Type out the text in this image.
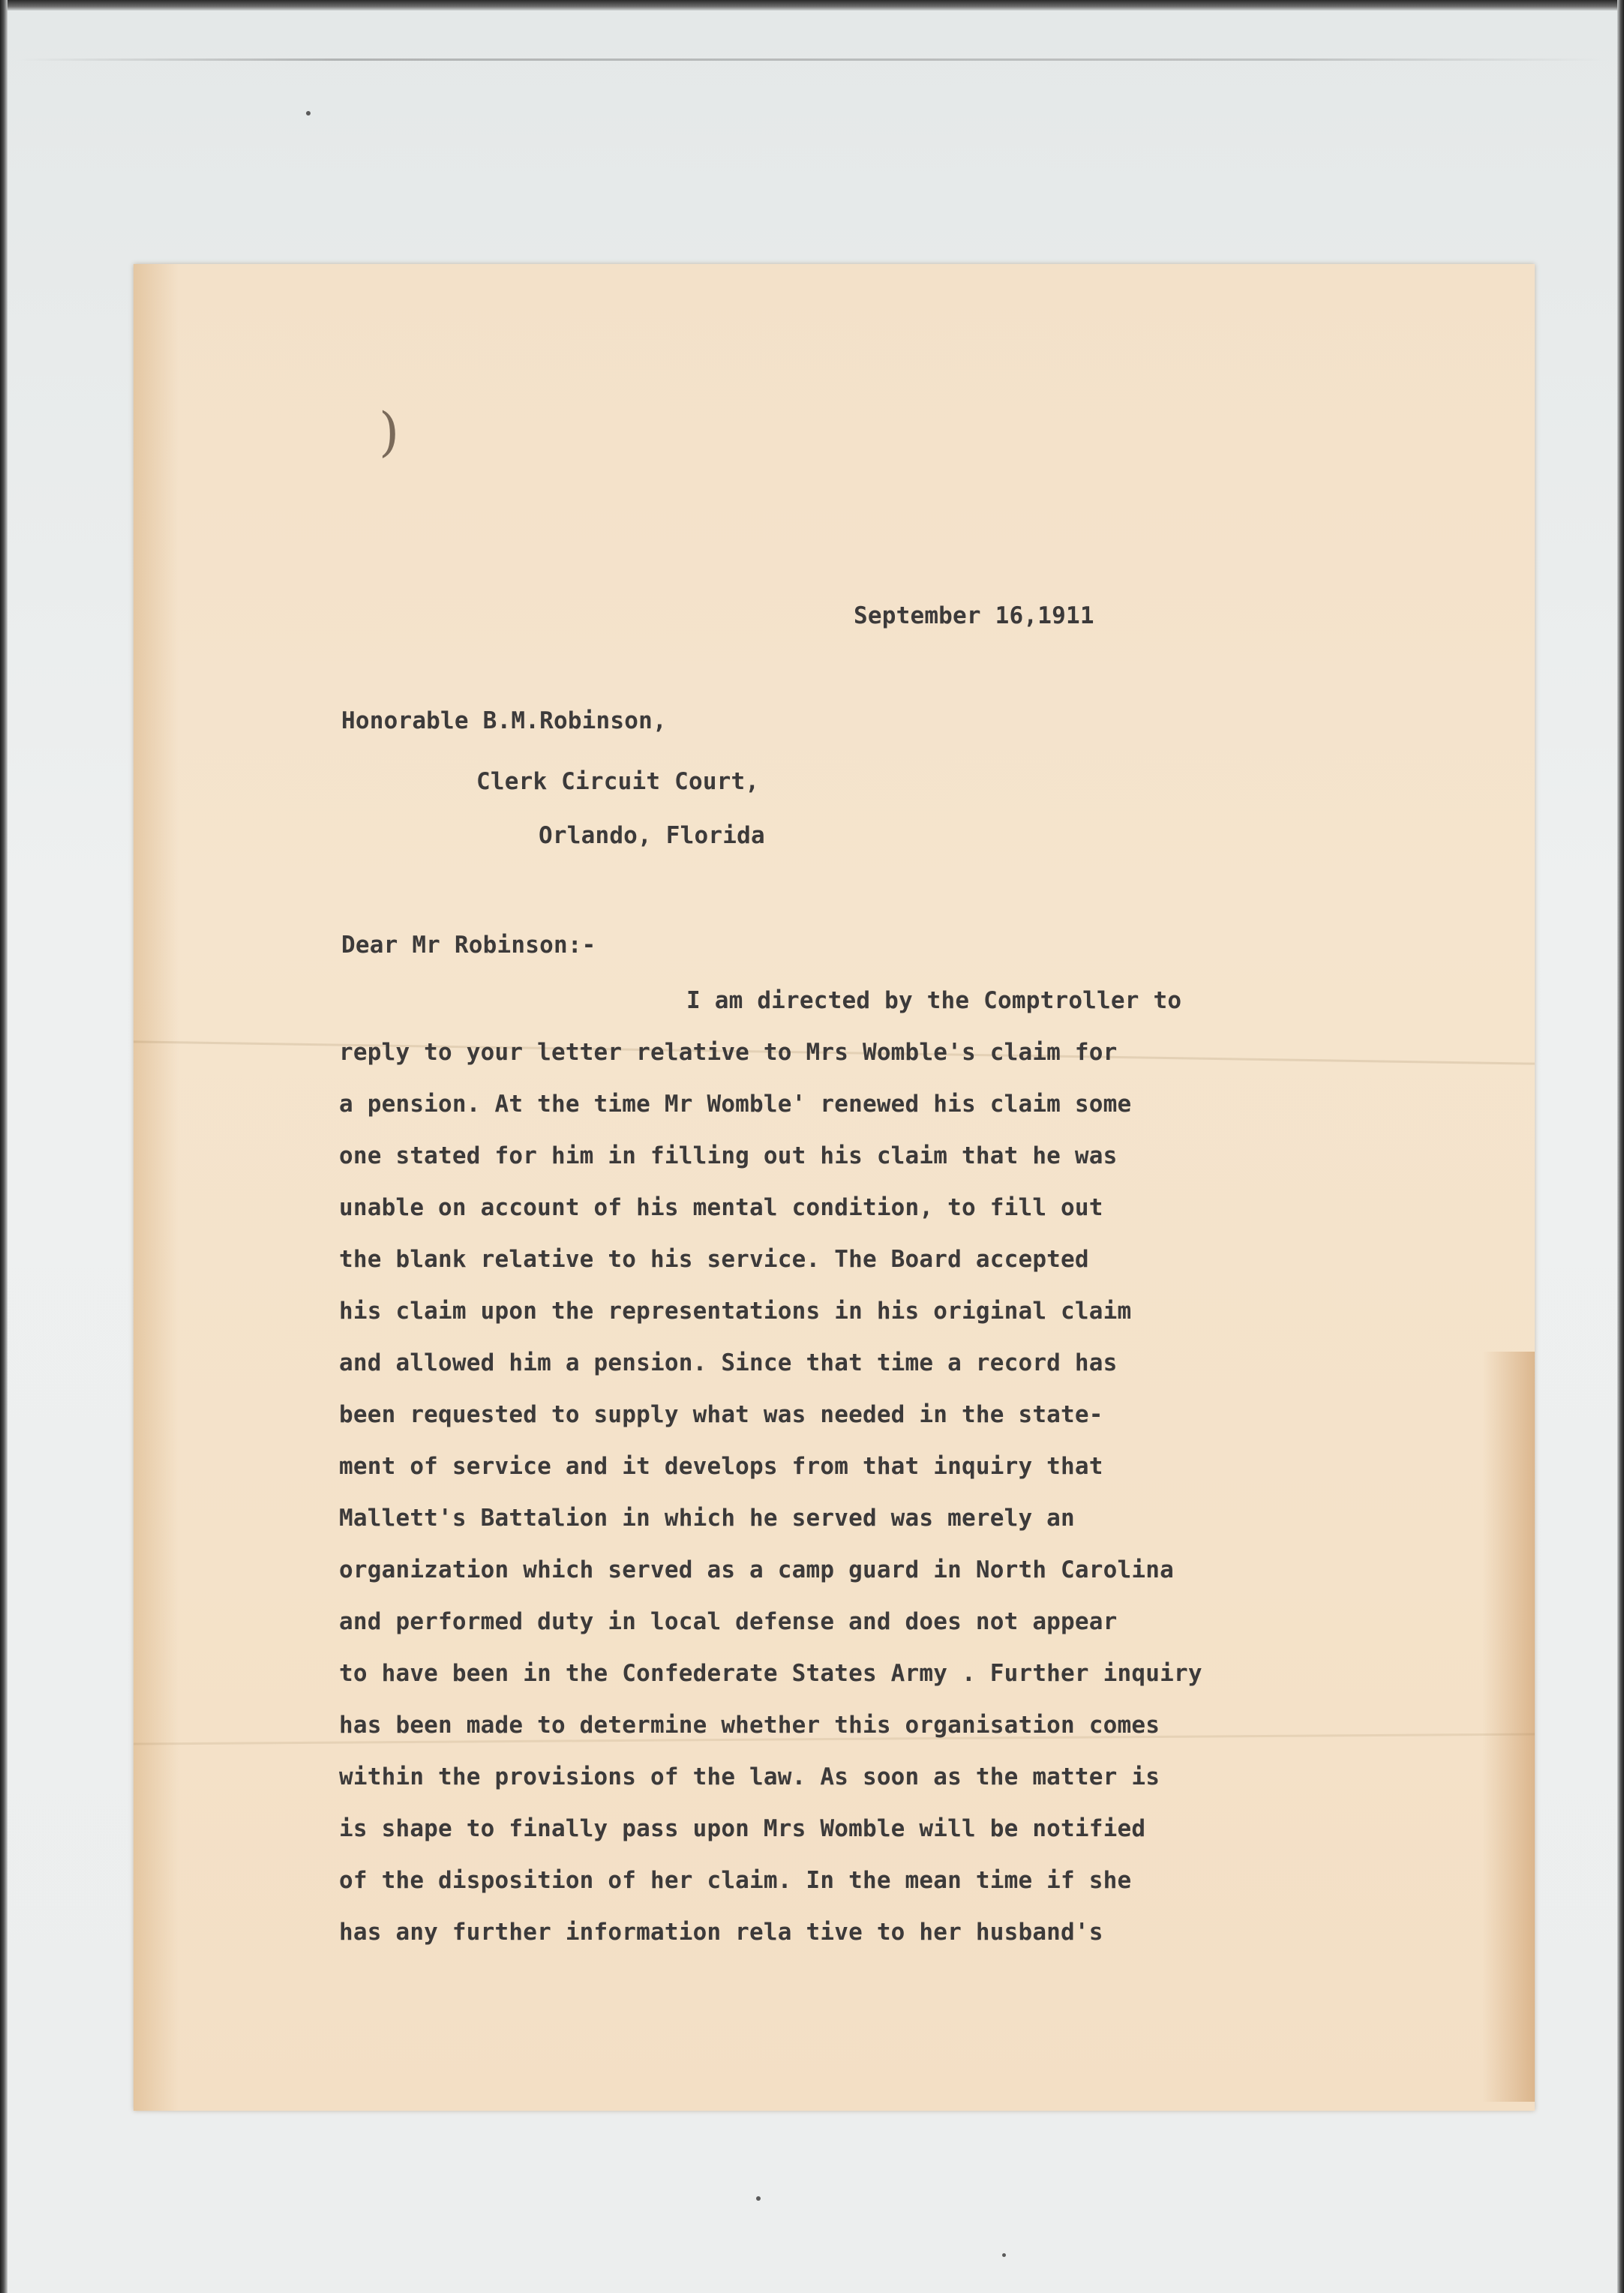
)
September 16,1911
Honorable B.M.Robinson,
Clerk Circuit Court,
Orlando, Florida
Dear Mr Robinson:-
I am directed by the Comptroller to
reply to your letter relative to Mrs Womble's claim for
a pension. At the time Mr Womble' renewed his claim some
one stated for him in filling out his claim that he was
unable on account of his mental condition, to fill out
the blank relative to his service. The Board accepted
his claim upon the representations in his original claim
and allowed him a pension. Since that time a record has
been requested to supply what was needed in the state-
ment of service and it develops from that inquiry that
Mallett's Battalion in which he served was merely an
organization which served as a camp guard in North Carolina
and performed duty in local defense and does not appear
to have been in the Confederate States Army . Further inquiry
has been made to determine whether this organisation comes
within the provisions of the law. As soon as the matter is
is shape to finally pass upon Mrs Womble will be notified
of the disposition of her claim. In the mean time if she
has any further information rela tive to her husband's
